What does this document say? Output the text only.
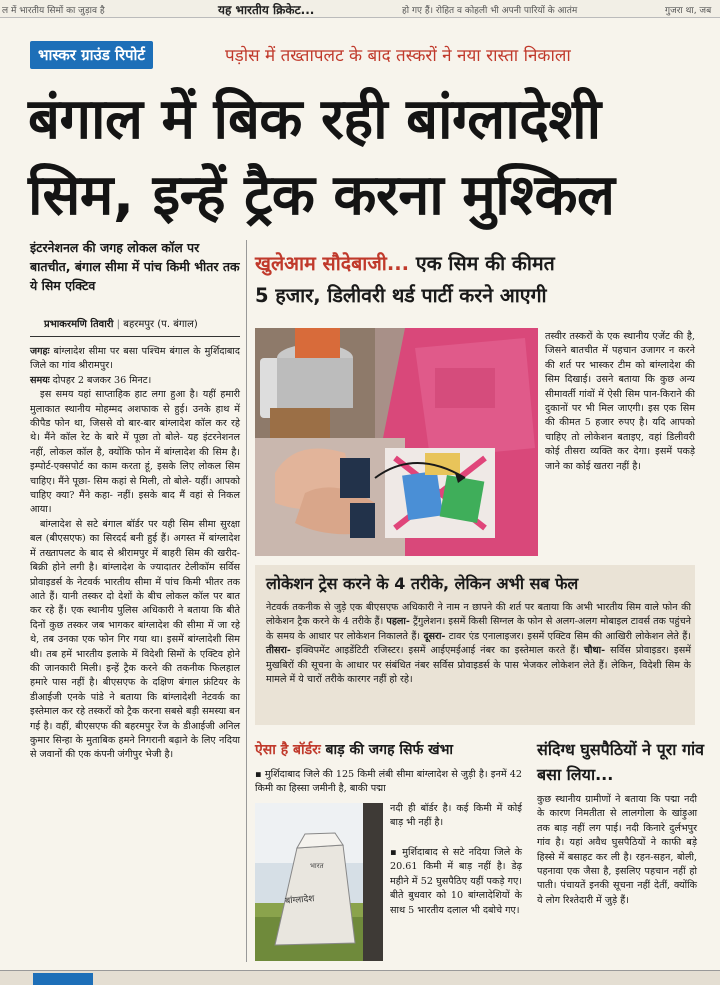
ल में भारतीय सिमों का जुड़ाव है	यह भारतीय क्रिकेट...	हो गए हैं। रोहित व कोहली भी अपनी पारियों के आतंम	गुजरा था, जब
भास्कर ग्राउंड रिपोर्ट	पड़ोस में तख्तापलट के बाद तस्करों ने नया रास्ता निकाला
बंगाल में बिक रही बांग्लादेशी
सिम, इन्हें ट्रैक करना मुश्किल
इंटरनेशनल की जगह लोकल कॉल पर बातचीत, बंगाल सीमा में पांच किमी भीतर तक ये सिम एक्टिव
प्रभाकरमणि तिवारी | बहरमपुर (प. बंगाल)

जगहः बांग्लादेश सीमा पर बसा पश्चिम बंगाल के मुर्शिदाबाद जिले का गांव श्रीरामपुर।

समयः दोपहर 2 बजकर 36 मिनट।

इस समय यहां साप्ताहिक हाट लगा हुआ है। यहीं हमारी मुलाकात स्थानीय मोहम्मद अशफाक से हुई। उनके हाथ में कीपैड फोन था, जिससे वो बार-बार बांग्लादेश कॉल कर रहे थे। मैंने कॉल रेट के बारे में पूछा तो बोले- यह इंटरनेशनल नहीं, लोकल कॉल है, क्योंकि फोन में बांग्लादेश की सिम है। इम्पोर्ट-एक्सपोर्ट का काम करता हूं, इसके लिए लोकल सिम चाहिए। मैंने पूछा- सिम कहां से मिली, तो बोले- यहीं। आपको चाहिए क्या? मैंने कहा- नहीं। इसके बाद मैं वहां से निकल आया।

बांग्लादेश से सटे बंगाल बॉर्डर पर यही सिम सीमा सुरक्षा बल (बीएसएफ) का सिरदर्द बनी हुई हैं। अगस्त में बांग्लादेश में तख्तापलट के बाद से श्रीरामपुर में बाहरी सिम की खरीद-बिक्री होने लगी है। बांग्लादेश के ज्यादातर टेलीकॉम सर्विस प्रोवाइडर्स के नेटवर्क भारतीय सीमा में पांच किमी भीतर तक आते हैं। यानी तस्कर दो देशों के बीच लोकल कॉल पर बात कर रहे हैं। एक स्थानीय पुलिस अधिकारी ने बताया कि बीते दिनों कुछ तस्कर जब भागकर बांग्लादेश की सीमा में जा रहे थे, तब उनका एक फोन गिर गया था। इसमें बांग्लादेशी सिम थी। तब हमें भारतीय इलाके में विदेशी सिमों के एक्टिव होने की जानकारी मिली। इन्हें ट्रैक करने की तकनीक फिलहाल हमारे पास नहीं है। बीएसएफ के दक्षिण बंगाल फ्रंटियर के डीआईजी एनके पांडे ने बताया कि बांग्लादेशी नेटवर्क का इस्तेमाल कर रहे तस्करों को ट्रैक करना सबसे बड़ी समस्या बन गई है। वहीं, बीएसएफ की बहरमपुर रेंज के डीआईजी अनिल कुमार सिन्हा के मुताबिक हमने निगरानी बढ़ाने के लिए नदिया से जवानों की एक कंपनी जंगीपुर भेजी है।

खुलेआम सौदेबाजी... एक सिम की कीमत
5 हजार, डिलीवरी थर्ड पार्टी करने आएगी
तस्वीर तस्करों के एक स्थानीय एजेंट की है, जिसने बातचीत में पहचान उजागर न करने की शर्त पर भास्कर टीम को बांग्लादेश की सिम दिखाई। उसने बताया कि कुछ अन्य सीमावर्ती गांवों में ऐसी सिम पान-किराने की दुकानों पर भी मिल जाएगी। इस एक सिम की कीमत 5 हजार रुपए है। यदि आपको चाहिए तो लोकेशन बताइए, वहां डिलीवरी कोई तीसरा व्यक्ति कर देगा। इसमें पकड़े जाने का कोई खतरा नहीं है।
लोकेशन ट्रेस करने के 4 तरीके, लेकिन अभी सब फेल
नेटवर्क तकनीक से जुड़े एक बीएसएफ अधिकारी ने नाम न छापने की शर्त पर बताया कि अभी भारतीय सिम वाले फोन की लोकेशन ट्रैक करने के 4 तरीके हैं। पहला- ट्रैंगुलेशन। इसमें किसी सिग्नल के फोन से अलग-अलग मोबाइल टावर्स तक पहुंचने के समय के आधार पर लोकेशन निकालते हैं। दूसरा- टावर एंड एनालाइजर। इसमें एक्टिव सिम की आखिरी लोकेशन लेते हैं। तीसरा- इक्विपमेंट आइडेंटिटी रजिस्टर। इसमें आईएमईआई नंबर का इस्तेमाल करते हैं। चौथा- सर्विस प्रोवाइडर। इसमें मुखबिरों की सूचना के आधार पर संबंधित नंबर सर्विस प्रोवाइडर्स के पास भेजकर लोकेशन लेते हैं। लेकिन, विदेशी सिम के मामले में ये चारों तरीके कारगर नहीं हो रहे।
ऐसा है बॉर्डरः बाड़ की जगह सिर्फ खंभा
▪ मुर्शिदाबाद जिले की 125 किमी लंबी सीमा बांग्लादेश से जुड़ी है। इनमें 42 किमी का हिस्सा जमीनी है, बाकी पद्मा
नदी ही बॉर्डर है। कई किमी में कोई बाड़ भी नहीं है।
▪ मुर्शिदाबाद से सटे नदिया जिले के 20.61 किमी में बाड़ नहीं है। डेढ़ महीने में 52 घुसपैठिए यहीं पकड़े गए। बीते बुधवार को 10 बांग्लादेशियों के साथ 5 भारतीय दलाल भी दबोचे गए।
भारत
बांग्लादेश
संदिग्ध घुसपैठियों ने पूरा गांव बसा लिया...
कुछ स्थानीय ग्रामीणों ने बताया कि पद्मा नदी के कारण निमतीता से लालगोला के खांड़ुआ तक बाड़ नहीं लग पाई। नदी किनारे दुर्लभपुर गांव है। यहां अवैध घुसपैठियों ने काफी बड़े हिस्से में बसाहट कर ली है। रहन-सहन, बोली, पहनावा एक जैसा है, इसलिए पहचान नहीं हो पाती। पंचायतें इनकी सूचना नहीं देतीं, क्योंकि ये लोग रिश्तेदारी में जुड़े हैं।
